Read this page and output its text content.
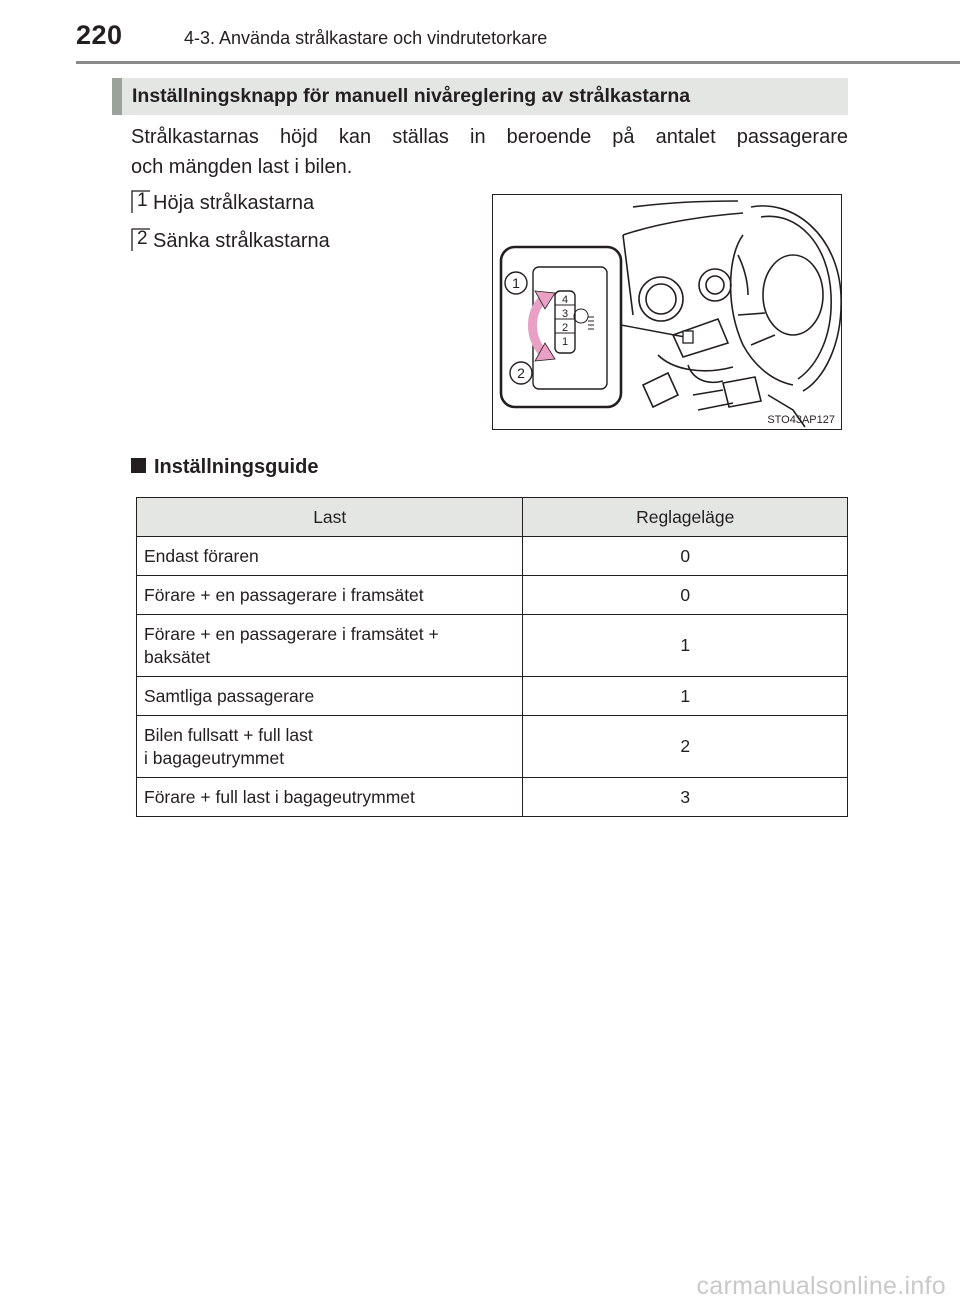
220	4-3. Använda strålkastare och vindrutetorkare
Inställningsknapp för manuell nivåreglering av strålkastarna
Strålkastarnas höjd kan ställas in beroende på antalet passagerare
och mängden last i bilen.
1 Höja strålkastarna
2 Sänka strålkastarna
4
3
2
1
1
2
STO43AP127
Inställningsguide
Last	Reglageläge
Endast föraren	0
Förare + en passagerare i framsätet	0
Förare + en passagerare i framsätet +
baksätet	1
Samtliga passagerare	1
Bilen fullsatt + full last
i bagageutrymmet	2
Förare + full last i bagageutrymmet	3
carmanualsonline.info
